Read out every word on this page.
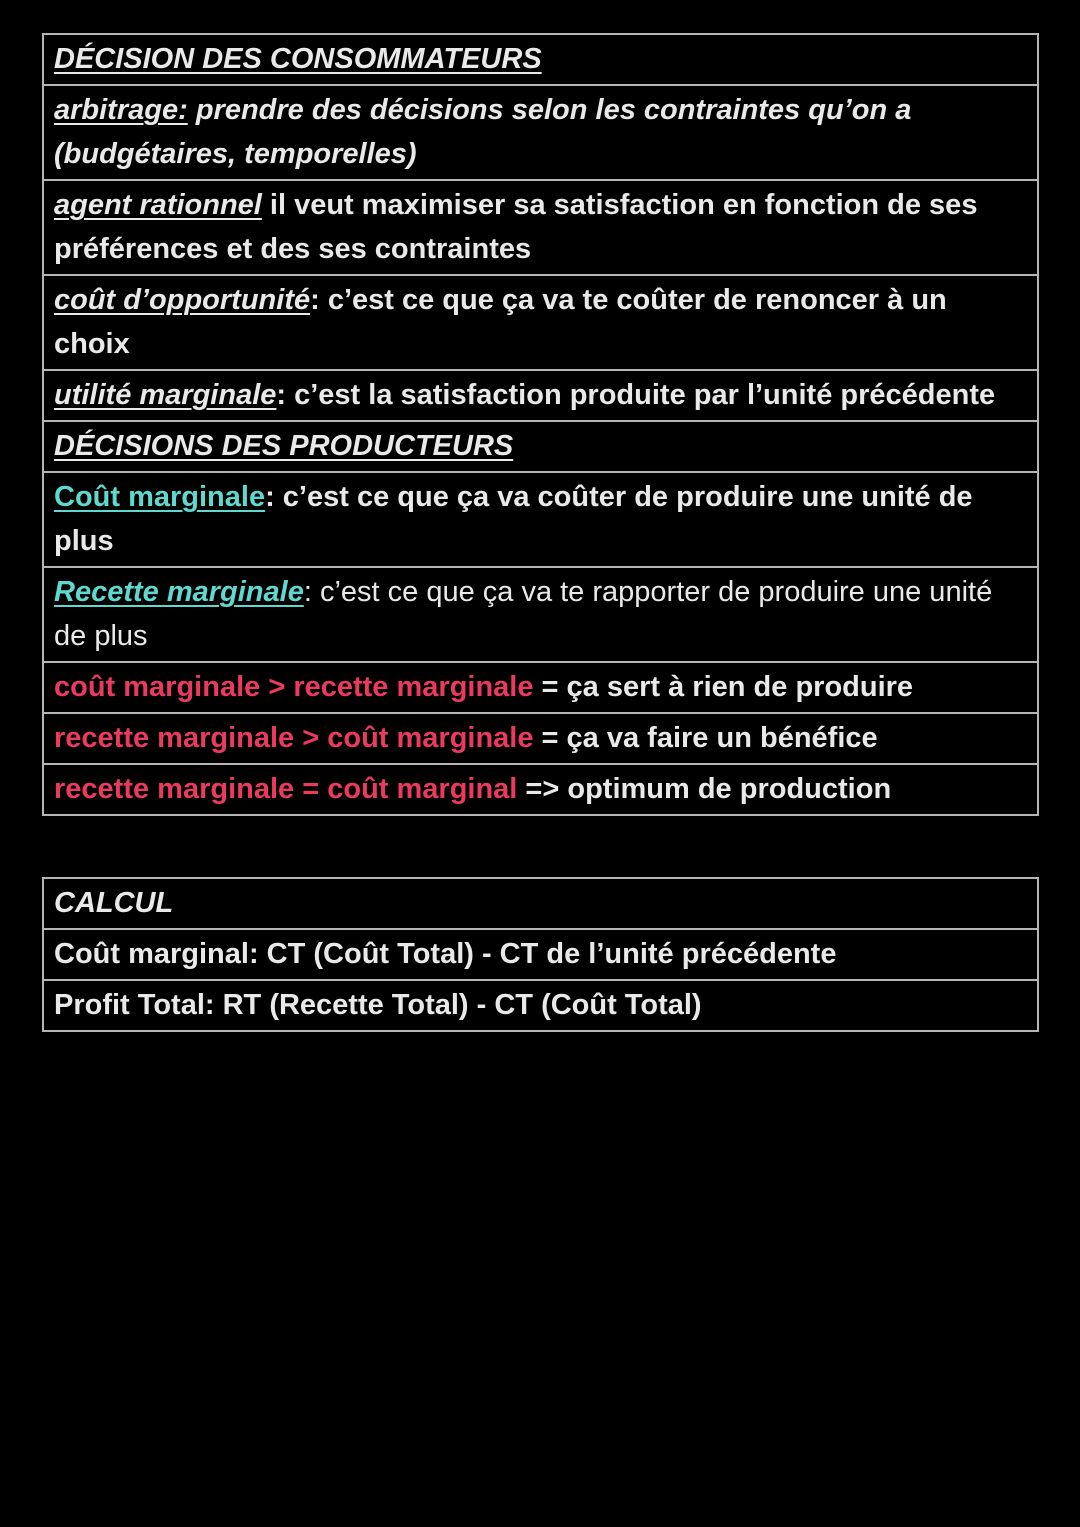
DÉCISION DES CONSOMMATEURS
arbitrage: prendre des décisions selon les contraintes qu’on a (budgétaires, temporelles)
agent rationnel il veut maximiser sa satisfaction en fonction de ses préférences et des ses contraintes
coût d’opportunité: c’est ce que ça va te coûter de renoncer à un choix
utilité marginale: c’est la satisfaction produite par l’unité précédente
DÉCISIONS DES PRODUCTEURS
Coût marginale: c’est ce que ça va coûter de produire une unité de plus
Recette marginale: c’est ce que ça va te rapporter de produire une unité de plus
coût marginale > recette marginale = ça sert à rien de produire
recette marginale > coût marginale = ça va faire un bénéfice
recette marginale = coût marginal => optimum de production
CALCUL
Coût marginal: CT (Coût Total) - CT de l’unité précédente
Profit Total: RT (Recette Total) - CT (Coût Total)
